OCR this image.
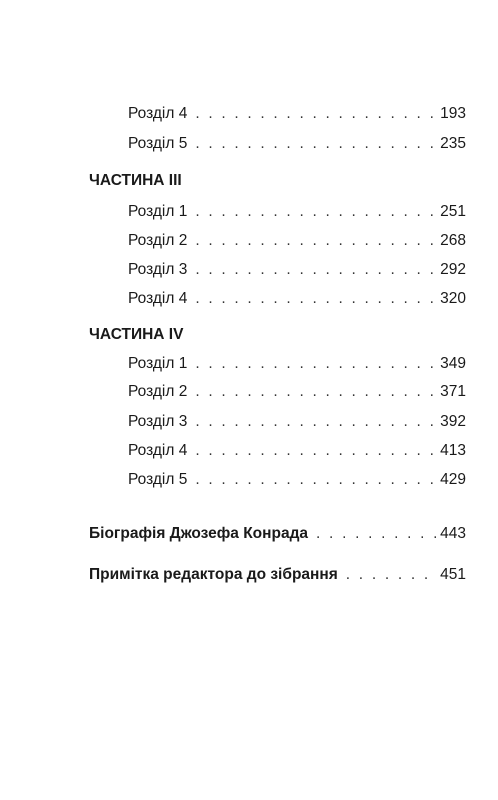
Розділ 4 . . .	193
Розділ 5 . . .	235
ЧАСТИНА III
Розділ 1 . . .	251
Розділ 2 . . .	268
Розділ 3 . . .	292
Розділ 4 . . .	320
ЧАСТИНА IV
Розділ 1 . . .	349
Розділ 2 . . .	371
Розділ 3 . . .	392
Розділ 4 . . .	413
Розділ 5 . . .	429
Біографія Джозефа Конрада . . .	443
Примітка редактора до зібрання . . .	451
